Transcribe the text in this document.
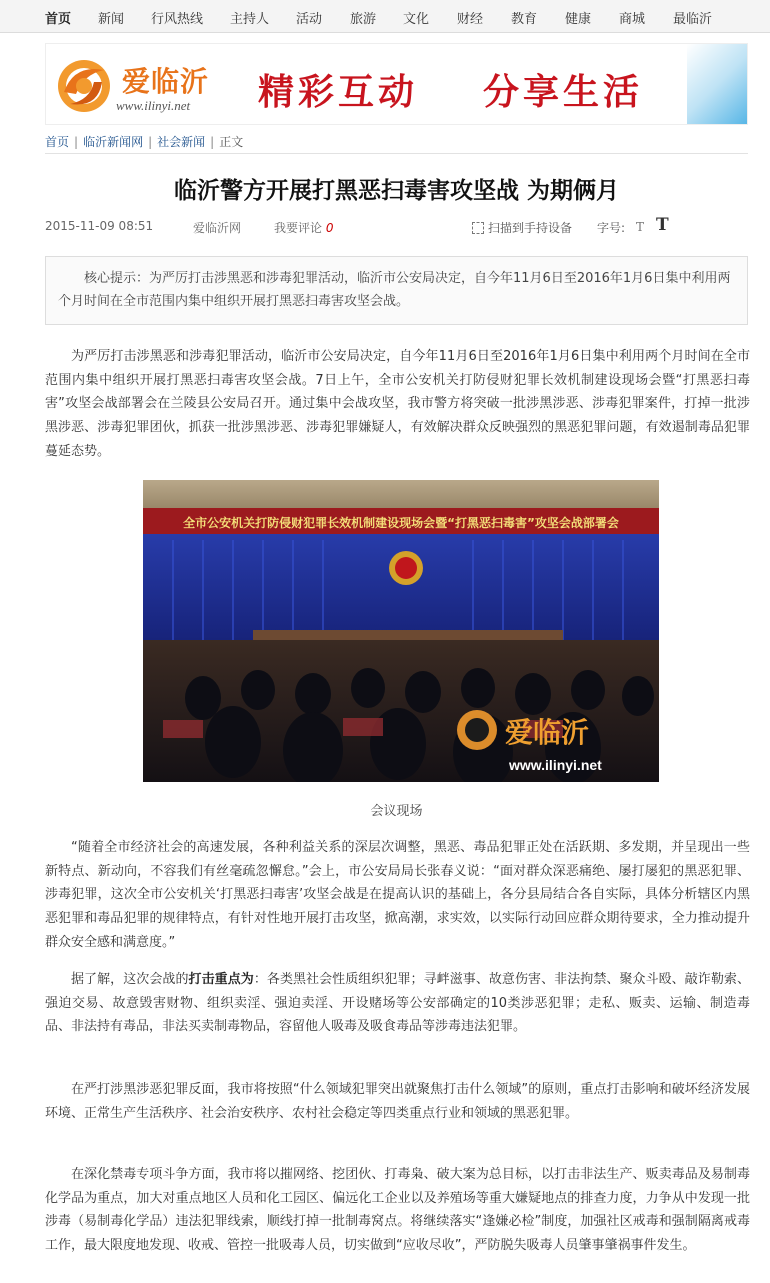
首页 新闻 行风热线 主持人 活动 旅游 文化 财经 教育 健康 商城 最临沂
爱临沂
www.ilinyi.net 精彩互动 分享生活
首页 | 临沂新闻网 | 社会新闻 | 正文
临沂警方开展打黑恶扫毒害攻坚战 为期俩月
2015-11-09 08:51	爱临沂网	我要评论 0	扫描到手持设备 字号: T T
核心提示：为严厉打击涉黑恶和涉毒犯罪活动，临沂市公安局决定，自今年11月6日至2016年1月6日集中利用两个月时间在全市范围内集中组织开展打黑恶扫毒害攻坚会战。

为严厉打击涉黑恶和涉毒犯罪活动，临沂市公安局决定，自今年11月6日至2016年1月6日集中利用两个月时间在全市范围内集中组织开展打黑恶扫毒害攻坚会战。7日上午，全市公安机关打防侵财犯罪长效机制建设现场会暨“打黑恶扫毒害”攻坚会战部署会在兰陵县公安局召开。通过集中会战攻坚，我市警方将突破一批涉黑涉恶、涉毒犯罪案件，打掉一批涉黑涉恶、涉毒犯罪团伙，抓获一批涉黑涉恶、涉毒犯罪嫌疑人，有效解决群众反映强烈的黑恶犯罪问题，有效遏制毒品犯罪蔓延态势。

全市公安机关打防侵财犯罪长效机制建设现场会暨“打黑恶扫毒害”攻坚会战部署会
爱临沂
www.ilinyi.net
会议现场

“随着全市经济社会的高速发展，各种利益关系的深层次调整，黑恶、毒品犯罪正处在活跃期、多发期，并呈现出一些新特点、新动向，不容我们有丝毫疏忽懈怠。”会上，市公安局局长张春义说：“面对群众深恶痛绝、屡打屡犯的黑恶犯罪、涉毒犯罪，这次全市公安机关‘打黑恶扫毒害’攻坚会战是在提高认识的基础上，各分县局结合各自实际，具体分析辖区内黑恶犯罪和毒品犯罪的规律特点，有针对性地开展打击攻坚，掀高潮，求实效，以实际行动回应群众期待要求，全力推动提升群众安全感和满意度。”

据了解，这次会战的打击重点为：各类黑社会性质组织犯罪；寻衅滋事、故意伤害、非法拘禁、聚众斗殴、敲诈勒索、强迫交易、故意毁害财物、组织卖淫、强迫卖淫、开设赌场等公安部确定的10类涉恶犯罪；走私、贩卖、运输、制造毒品、非法持有毒品，非法买卖制毒物品，容留他人吸毒及吸食毒品等涉毒违法犯罪。

在严打涉黑涉恶犯罪反面，我市将按照“什么领域犯罪突出就聚焦打击什么领域”的原则，重点打击影响和破坏经济发展环境、正常生产生活秩序、社会治安秩序、农村社会稳定等四类重点行业和领域的黑恶犯罪。

在深化禁毒专项斗争方面，我市将以摧网络、挖团伙、打毒枭、破大案为总目标，以打击非法生产、贩卖毒品及易制毒化学品为重点，加大对重点地区人员和化工园区、偏远化工企业以及养殖场等重大嫌疑地点的排查力度，力争从中发现一批涉毒（易制毒化学品）违法犯罪线索，顺线打掉一批制毒窝点。将继续落实“逢嫌必检”制度，加强社区戒毒和强制隔离戒毒工作，最大限度地发现、收戒、管控一批吸毒人员，切实做到“应收尽收”，严防脱失吸毒人员肇事肇祸事件发生。
